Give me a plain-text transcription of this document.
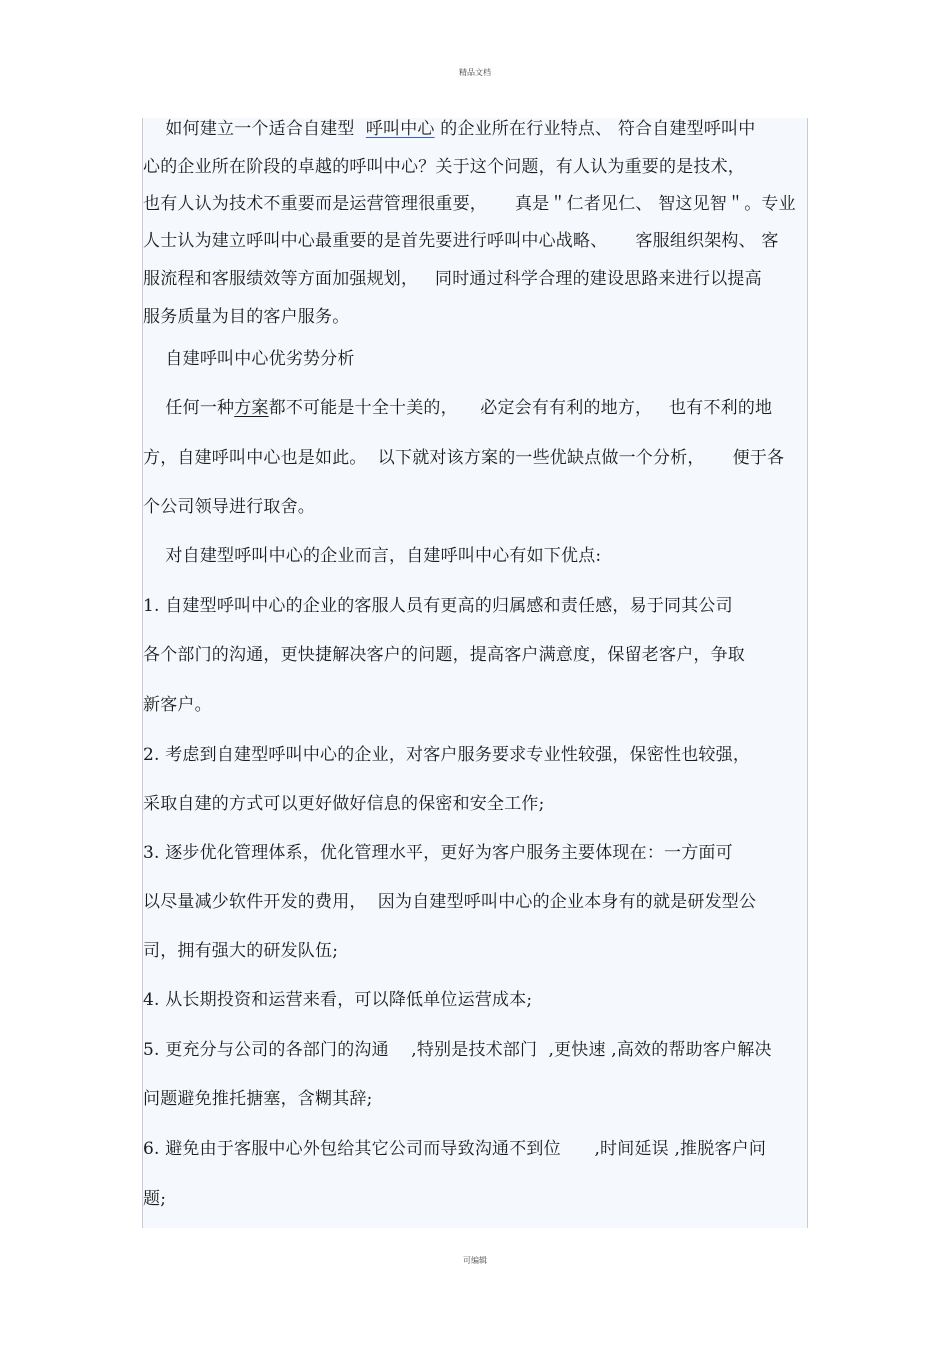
精品文档
如何建立一个适合自建型  呼叫中心 的企业所在行业特点、 符合自建型呼叫中
心的企业所在阶段的卓越的呼叫中心？关于这个问题，有人认为重要的是技术，
也有人认为技术不重要而是运营管理很重要，     真是＂仁者见仁、 智这见智＂。专业
人士认为建立呼叫中心最重要的是首先要进行呼叫中心战略、     客服组织架构、 客
服流程和客服绩效等方面加强规划，   同时通过科学合理的建设思路来进行以提高
服务质量为目的客户服务。
自建呼叫中心优劣势分析
任何一种方案都不可能是十全十美的，    必定会有有利的地方，   也有不利的地
方，自建呼叫中心也是如此。  以下就对该方案的一些优缺点做一个分析，     便于各
个公司领导进行取舍。
对自建型呼叫中心的企业而言，自建呼叫中心有如下优点:
1. 自建型呼叫中心的企业的客服人员有更高的归属感和责任感，易于同其公司
各个部门的沟通，更快捷解决客户的问题，提高客户满意度，保留老客户，争取
新客户。
2. 考虑到自建型呼叫中心的企业，对客户服务要求专业性较强，保密性也较强，
采取自建的方式可以更好做好信息的保密和安全工作;
3. 逐步优化管理体系，优化管理水平，更好为客户服务主要体现在：一方面可
以尽量减少软件开发的费用，  因为自建型呼叫中心的企业本身有的就是研发型公
司，拥有强大的研发队伍;
4. 从长期投资和运营来看，可以降低单位运营成本;
5. 更充分与公司的各部门的沟通    ,特别是技术部门  ,更快速 ,高效的帮助客户解决
问题避免推托搪塞，含糊其辞;
6. 避免由于客服中心外包给其它公司而导致沟通不到位      ,时间延误 ,推脱客户问
题;
可编辑
